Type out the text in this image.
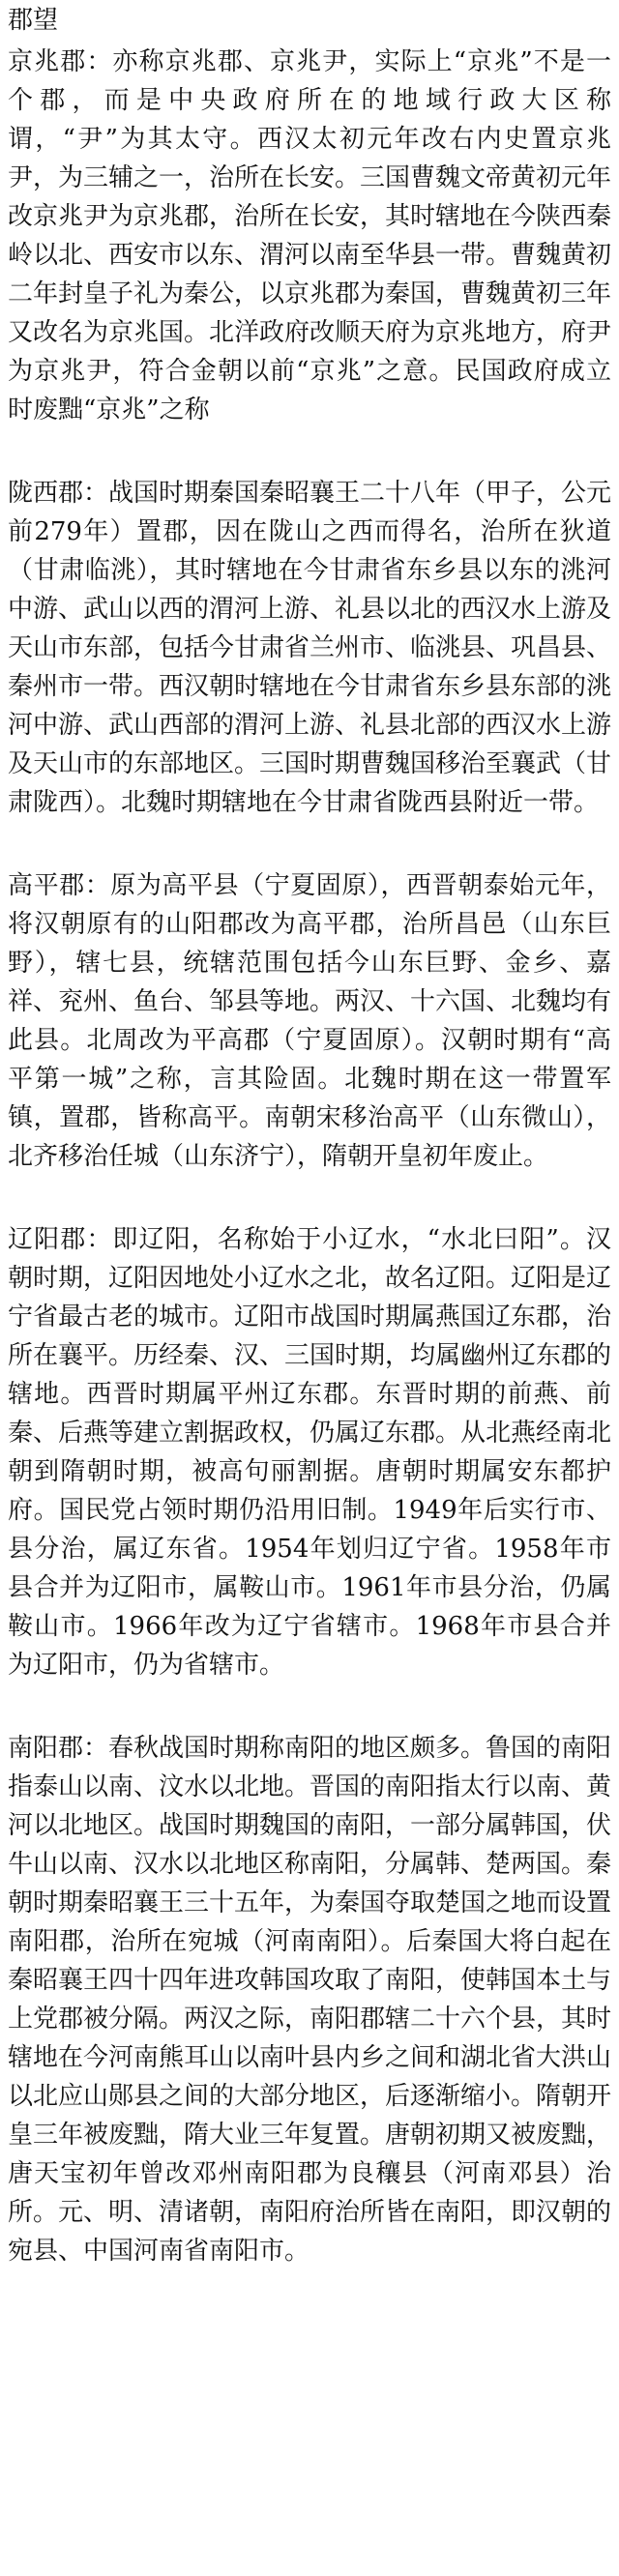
郡望

京兆郡：亦称京兆郡、京兆尹，实际上“京兆”不是一个郡，而是中央政府所在的地域行政大区称谓，“尹”为其太守。西汉太初元年改右内史置京兆尹，为三辅之一，治所在长安。三国曹魏文帝黄初元年改京兆尹为京兆郡，治所在长安，其时辖地在今陕西秦岭以北、西安市以东、渭河以南至华县一带。曹魏黄初二年封皇子礼为秦公，以京兆郡为秦国，曹魏黄初三年又改名为京兆国。北洋政府改顺天府为京兆地方，府尹为京兆尹，符合金朝以前“京兆”之意。民国政府成立时废黜“京兆”之称

陇西郡：战国时期秦国秦昭襄王二十八年（甲子，公元前279年）置郡，因在陇山之西而得名，治所在狄道（甘肃临洮），其时辖地在今甘肃省东乡县以东的洮河中游、武山以西的渭河上游、礼县以北的西汉水上游及天山市东部，包括今甘肃省兰州市、临洮县、巩昌县、秦州市一带。西汉朝时辖地在今甘肃省东乡县东部的洮河中游、武山西部的渭河上游、礼县北部的西汉水上游及天山市的东部地区。三国时期曹魏国移治至襄武（甘肃陇西）。北魏时期辖地在今甘肃省陇西县附近一带。

高平郡：原为高平县（宁夏固原），西晋朝泰始元年，将汉朝原有的山阳郡改为高平郡，治所昌邑（山东巨野），辖七县，统辖范围包括今山东巨野、金乡、嘉祥、兖州、鱼台、邹县等地。两汉、十六国、北魏均有此县。北周改为平高郡（宁夏固原）。汉朝时期有“高平第一城”之称，言其险固。北魏时期在这一带置军镇，置郡，皆称高平。南朝宋移治高平（山东微山），北齐移治任城（山东济宁），隋朝开皇初年废止。

辽阳郡：即辽阳，名称始于小辽水，“水北曰阳”。汉朝时期，辽阳因地处小辽水之北，故名辽阳。辽阳是辽宁省最古老的城市。辽阳市战国时期属燕国辽东郡，治所在襄平。历经秦、汉、三国时期，均属幽州辽东郡的辖地。西晋时期属平州辽东郡。东晋时期的前燕、前秦、后燕等建立割据政权，仍属辽东郡。从北燕经南北朝到隋朝时期，被高句丽割据。唐朝时期属安东都护府。国民党占领时期仍沿用旧制。1949年后实行市、县分治，属辽东省。1954年划归辽宁省。1958年市县合并为辽阳市，属鞍山市。1961年市县分治，仍属鞍山市。1966年改为辽宁省辖市。1968年市县合并为辽阳市，仍为省辖市。

南阳郡：春秋战国时期称南阳的地区颇多。鲁国的南阳指泰山以南、汶水以北地。晋国的南阳指太行以南、黄河以北地区。战国时期魏国的南阳，一部分属韩国，伏牛山以南、汉水以北地区称南阳，分属韩、楚两国。秦朝时期秦昭襄王三十五年，为秦国夺取楚国之地而设置南阳郡，治所在宛城（河南南阳）。后秦国大将白起在秦昭襄王四十四年进攻韩国攻取了南阳，使韩国本土与上党郡被分隔。两汉之际，南阳郡辖二十六个县，其时辖地在今河南熊耳山以南叶县内乡之间和湖北省大洪山以北应山郧县之间的大部分地区，后逐渐缩小。隋朝开皇三年被废黜，隋大业三年复置。唐朝初期又被废黜，唐天宝初年曾改邓州南阳郡为良穰县（河南邓县）治所。元、明、清诸朝，南阳府治所皆在南阳，即汉朝的宛县、中国河南省南阳市。
